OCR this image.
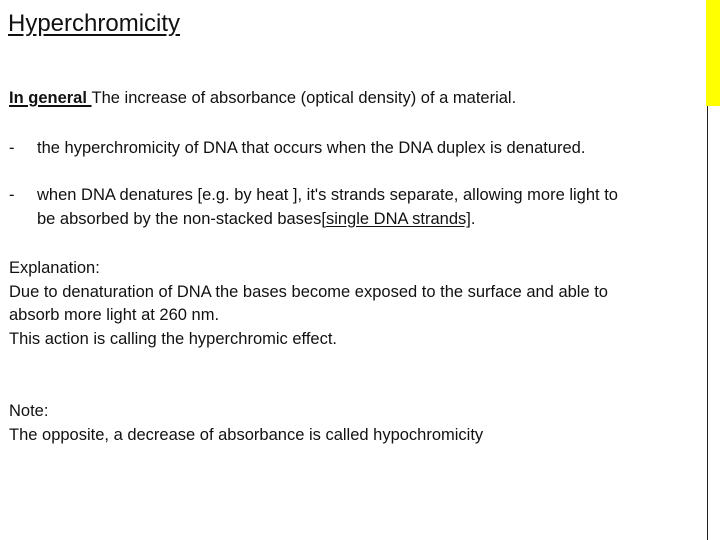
Hyperchromicity
In general The increase of absorbance (optical density) of a material.
- the hyperchromicity of DNA that occurs when the DNA duplex is denatured.
- when DNA denatures [e.g. by heat ], it's strands separate, allowing more light to
be absorbed by the non-stacked bases[single DNA strands].
Explanation:
Due to denaturation of DNA the bases become exposed to the surface and able to
absorb more light at 260 nm.
This action is calling the hyperchromic effect.
Note:
The opposite, a decrease of absorbance is called hypochromicity
